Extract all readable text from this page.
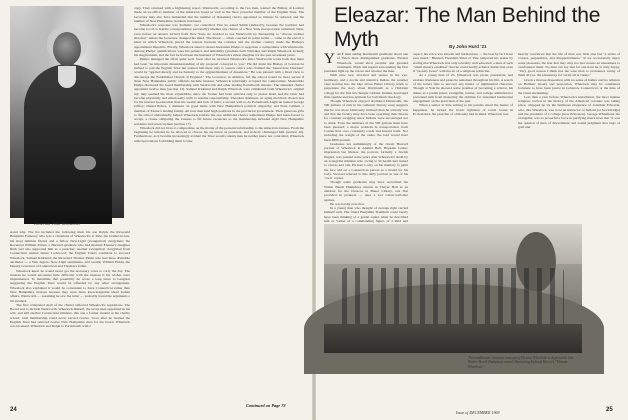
Governor John Wentworth

stand why. The list included the following men: his son Ralph, the Reverend Benjamin Pomeroy who was a classmate of Wheelock's at Yale, his brother-in-law, his most intimate friend, and a fellow New-Light (evangelical) clergyman; the Reverend William Patten, a Harvard graduate who had married Eleazar's daughter Ruth and also supported him as a preacher; another evangelical clergyman from Connecticut named James Lockwood; the English Trust's candidate to succeed Wheelock, Samuel Kirkland; the Reverend Thomas Pitkin who had three divinable attributes — a Yale degree, New-Light sentiments, and wealth; William Pitkin, the Deputy Governor of Connecticut and Thomas's father.

Wheelock knew he would never get the necessary votes to carry the day. The trustees he would encounter little difficulty with the trustees if his wishes were implemented. To maximize that possibility he wrote a long letter to Langdon suggesting the English Trust would be offended by any other arrangement. Wheelock also explained it would be convenient to have Connecticut rather than New Hampshire trustees because they were more knowledgeable about Indian affairs. Wentworth — assuming he saw the letter — probably found the arguments a bit strained.

The first completed draft of the charter reflected Wheelock's aspirations. The Board was to include Wentworth, Wheelock himself, the seven men appointed in his will, and still another Connecticut minister, this one a former student at the charity school; total membership could never exceed twelve. Soon after he learned the English Trust had selected twelve New Hampshire men for the board, Wheelock was incensed. Wheelock and Ralph to Portsmouth with a

copy. They returned with a frightening report. Wentworth, according to the two men, wanted the Bishop of London made an ex-officio member of the American board as well as the most powerful member of the English Trust. The Governor may also have demanded that the number of dissenting clerics appointed as trustees be reduced, and the number of New Hampshire residents increased.

Wheelock's response was dramatic, yet controlled. Fire he asked Smith (indirectly, because the barrister had become too ill to handle correspondence personally) whether any chance of a New York incorporation remained. Next, even before an answer arrived from New York, he decided to test Wentworth by threatening to "choose another situation" unless the Governor changed his mind. The threat — albeit couched in polite terms — came at the end of a letter in which Wheelock placed the tension between the colonies and the mother country made the Bishop's appointment impolitic. Finally, Wheelock asked Colonel Alexander Phelps to negotiate a compromise with Wentworth. Among Phelps' qualifications were his patience and amiability (qualities both Whitaker and Ralph Wheelock lacked); his Anglicanism, and the fact he had been the husband of Wheelock's eldest daughter for the past seventeen years.

Phelps managed the affair quite well. Soon after he received Wheelock's letter Wentworth wrote back that there had been "an important misunderstanding of my proposal conveyed to you." He did insist the Bishop of London be invited to join the English Trust but wanted him there only to answer critics who claimed the "benevolent Charities" would be "applied merely and exclusively to the aggrandizement of dissenters." He was pleased with a fixed view to discourage the Established Church of England." The Governor, in addition, felt the school would be more secure if three New Hampshire public officials became trustees. Wheelock reluctantly accepted the compromise. Meanwhile Phelps discussed the board membership with Wentworth and other leading Portsmouth citizens. The amended charter appointed twelve men (section 13). Samuel Kirkland and Ralph Wheelock were eliminated from Wheelock's original list; they seemed the most expendable, since the former had been selected only to please Keen and the latter had become physically and emotionally unfit to assume responsibility. Theodore Atkinson, an aging merchant chosen less for his interest in education than his wealth and lack of heirs; a second well-to-do Portsmouth Anglican named George Jaffrey; Daniel Peirce, a diameter on good terms with New Hampshire's political oligarchy; and Peter Gilman, a member of Exeter's leading family. All four men held high positions in the provincial government. Their generous gifts to the school undoubtedly helped Wheelock tolerate the one additional charter adjustment Phelps had been forced to accept, a clause obligating the trustees to fill future vacancies so the membership included eight New Hampshire residents and seven laymen (section 17).

Wheelock did not have to compromise on the matter of the personal relationship to the American trustees. From the beginning he insisted he be allowed to choose his successor as president, and nobody challenged him (section 20). Furthermore, as it became increasingly evident the Trust would contain men he neither knew nor controlled, Wheelock added provisions forbidding them to take

Continued on Page 73
24
Eleazar: The Man Behind the Myth	By John Hurd '21

YALE men asking Dartmouth graduates about one of Yale's most distinguished graduates, Eleazar Wheelock, would elicit peculiar and guarded comments. Myth and legend surrounding the first president light up the colour and obscure the man.

With pine tree, elevated and serene in his eye-testimony, and a docile and attentive Indian, the weather vane soaring into the blue above Baker Library tends to perpetuate the story about Dartmouth as a Christian college for the first few hunger robbins. Indians developed little sparkle and less aptitude for Calvinistic theology.

Though Wheelock enjoyed abolished Dartmouth, the 500 gallons of rum in his romantic literary song suggests that he was more fabulously inclined than he actually was and that the faculty may have been operating their threats for constant swigging since Indians were encouraged not to drink. Even the numbers of the 500 gallons must have been guessed; a major problem in transportation from Connecticut over constantly roads and hazard trails. Not including the weight of the casks, the load would have been 4800 pounds.

Graduates not unthinkingly of the Jewett Howard portrait of Wheelock in Alumni Hall, Hopkins Center, impression but lifeless, the portrait, formally a Jewish fingure, was painted some years after Wheelock's death by an evangelist minister who owing to ill health had turned to canvas and oils. He had to rely on his memory to paint the face and on a Connecticut person as a model for his body. Steward referred to this daily portrait as one of his "own" copies.

Though some graduates may have welcomed the Walter Beach Humphrey murals in Thayer Hall as an antidote for the Orozcos in Baker Library, one that provided in pioneers — ones a lost colour-well-met squires.

He was hardly ever that.

In a young man who thought of average right carried himself well. His friend Benjamin Trumbull could barely have been thinking of a genial squire when he described him as "rather of a commanding figure, of a mild and

aspect; his voice was smooth and harmonious — the best by far I have ever heard." Blessed, President Stiles of Yale tempered his praise by stating that Wheelock was only tolerably well educated, a man of such "small literary erudition" that he could hardly achieve distinction even if "piously sweet" with the air of a religious politician.

As a young man of 23, Wheelock was pious, passionate, and zealous. Rudeness and pious he remained throughout his life. A search of his letters fails to uncover any humor or lighthearted character. Though at Yale he showed some promise of becoming a scholar, his duties as a parish priest, evangelist, farmer, and college administrator prevented him from mastering the abilities for sustained intellectual engagement on the great men of the past.

When a senior at Yale writing to his parents about the matter of happiness, he lacked the ironic lightness of touch found in Ecclesiastes, the preacher of obviously had in mind. Wheelock was

heavily convinced that the life of man was little else but "a series of crosses, perplexities, and disappointments." If we occasionally enjoy some pleasures, the fear that they may not last creates an uneasiness to overbalance them. No man can say that for one hour he is truly happy. "Very good reason I think has the wise man to pronounce vanity of them all (i.e. the pleasures), for verily all is vanity."

Given a morose disposition with no sense of humor and no reliance on Hellenic beauty and proportion, Wheelock may be considered fortunate to have been pastor in Lebanon, Connecticut, at the time of the Great Awakening.

Less than a year before, Wheelock's installation, the most intense religious revival in the history of the American colonies was taking place, whipped up by the luminous eloquence of Jonathan Edwards, who, like Wheelock, was to be an instructor of Indians (at Stockbridge) and the president of a college (now Princeton). George Whitefield, the evangelist, was so powerful a force in purifying men's lives that "it was the opinion of men of discernment and sound judgment that bags of gold and

The traditional, romantic concept of Eleazar Wheelock is depicted in this Walter Beach Humphrey mural illustrating Richard Hovey's "Eleazar Wheelock."
Issue of DECEMBER 1969	25
